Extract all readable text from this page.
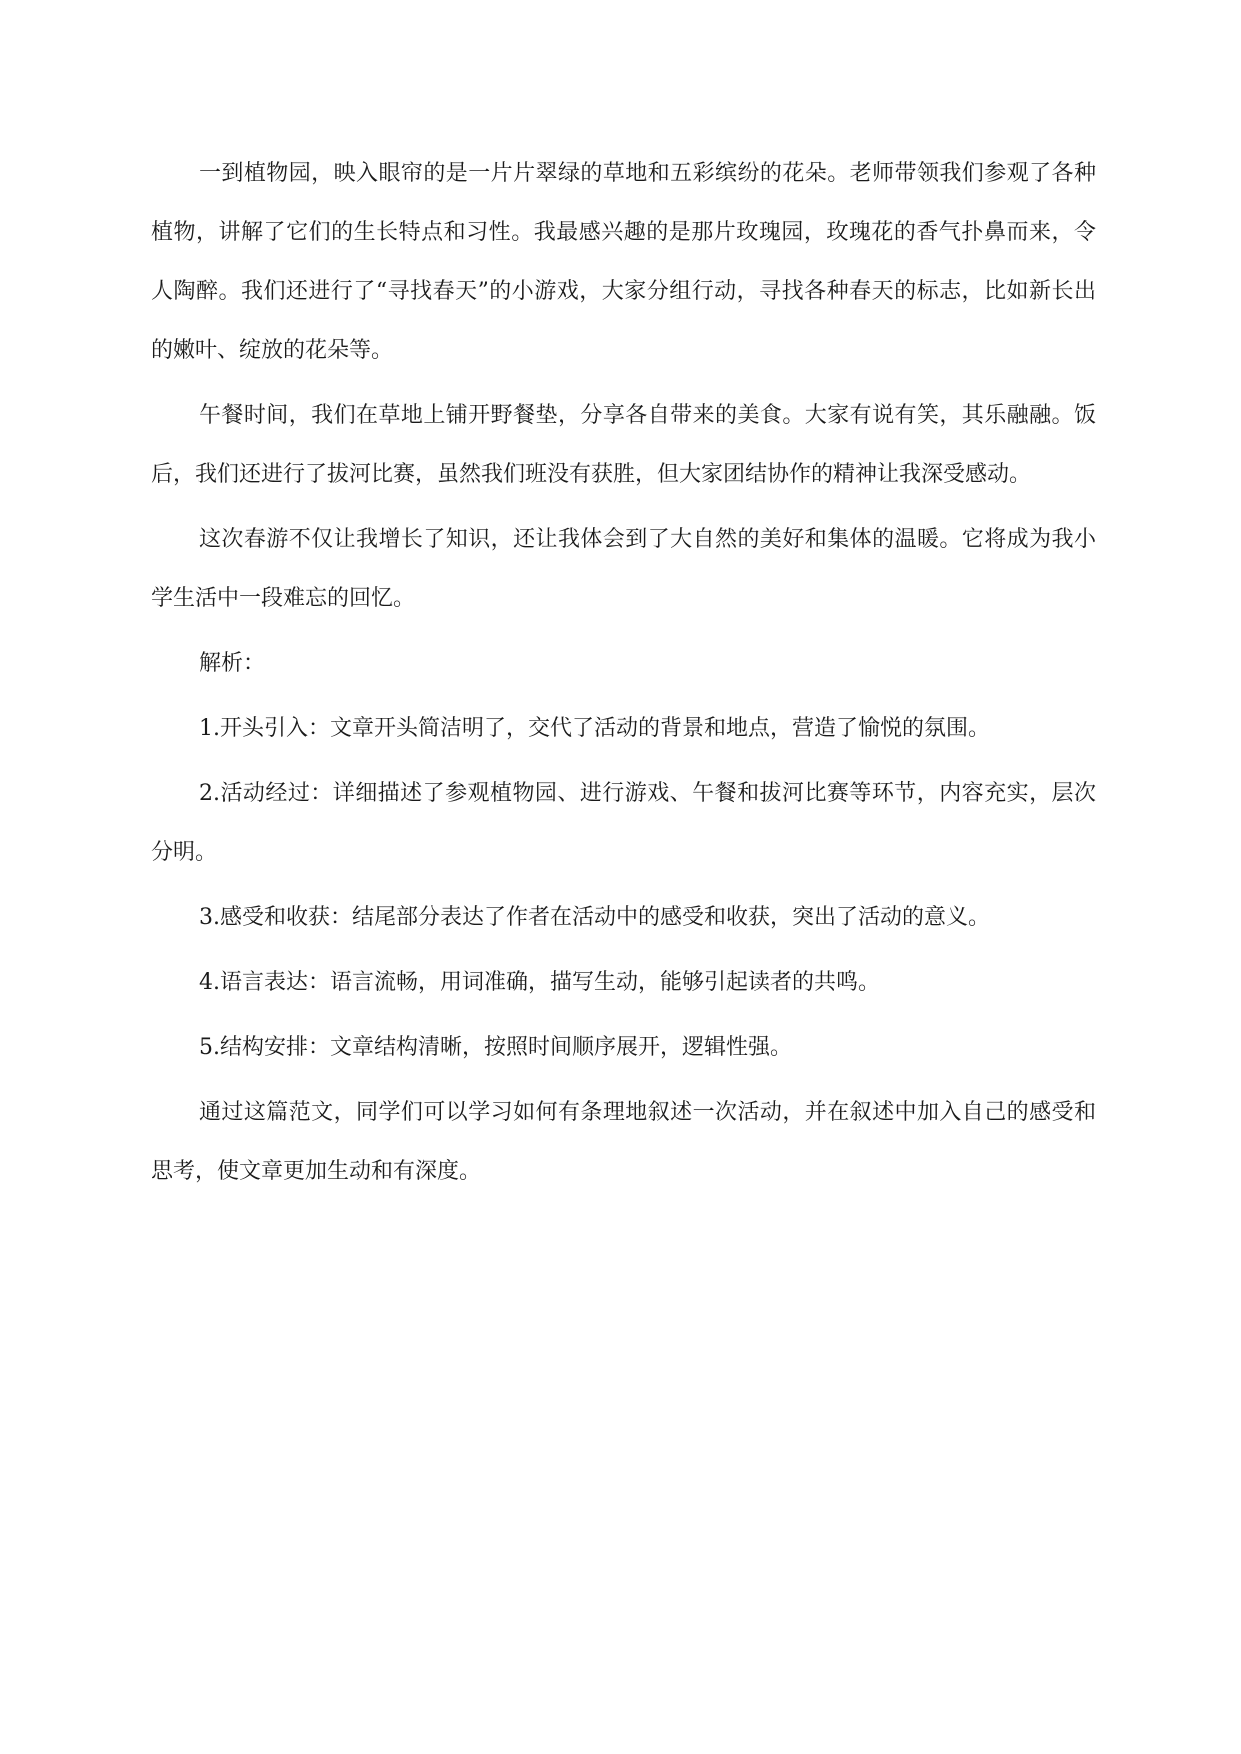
一到植物园，映入眼帘的是一片片翠绿的草地和五彩缤纷的花朵。老师带领我们参观了各种植物，讲解了它们的生长特点和习性。我最感兴趣的是那片玫瑰园，玫瑰花的香气扑鼻而来，令人陶醉。我们还进行了“寻找春天”的小游戏，大家分组行动，寻找各种春天的标志，比如新长出的嫩叶、绽放的花朵等。

午餐时间，我们在草地上铺开野餐垫，分享各自带来的美食。大家有说有笑，其乐融融。饭后，我们还进行了拔河比赛，虽然我们班没有获胜，但大家团结协作的精神让我深受感动。

这次春游不仅让我增长了知识，还让我体会到了大自然的美好和集体的温暖。它将成为我小学生活中一段难忘的回忆。

解析：

1.开头引入：文章开头简洁明了，交代了活动的背景和地点，营造了愉悦的氛围。

2.活动经过：详细描述了参观植物园、进行游戏、午餐和拔河比赛等环节，内容充实，层次分明。

3.感受和收获：结尾部分表达了作者在活动中的感受和收获，突出了活动的意义。

4.语言表达：语言流畅，用词准确，描写生动，能够引起读者的共鸣。

5.结构安排：文章结构清晰，按照时间顺序展开，逻辑性强。

通过这篇范文，同学们可以学习如何有条理地叙述一次活动，并在叙述中加入自己的感受和思考，使文章更加生动和有深度。
